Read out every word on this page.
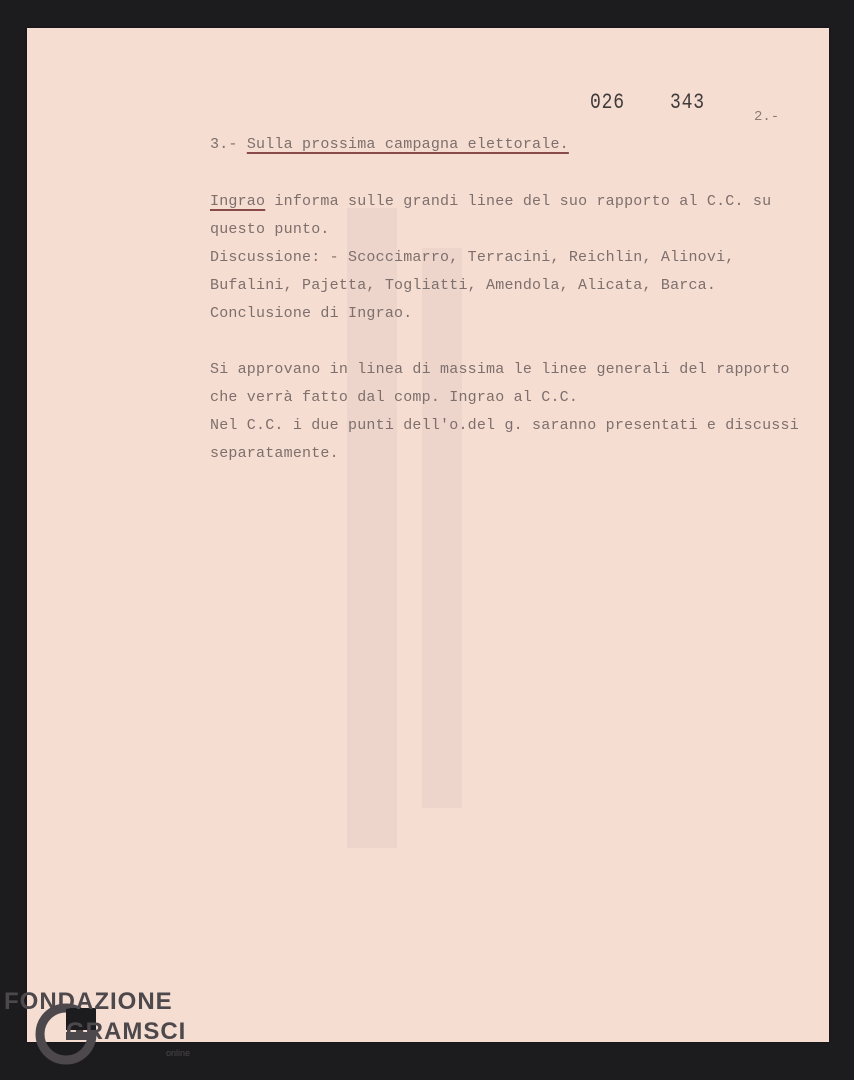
026 343
2.-
3.- Sulla prossima campagna elettorale.
Ingrao informa sulle grandi linee del suo rapporto al C.C. su
questo punto.
Discussione: - Scoccimarro, Terracini, Reichlin, Alinovi,
Bufalini, Pajetta, Togliatti, Amendola, Alicata, Barca.
Conclusione di Ingrao.
Si approvano in linea di massima le linee generali del rapporto
che verrà fatto dal comp. Ingrao al C.C.
Nel C.C. i due punti dell'o.del g. saranno presentati e discussi
separatamente.
FONDAZIONE
GRAMSCI
online
